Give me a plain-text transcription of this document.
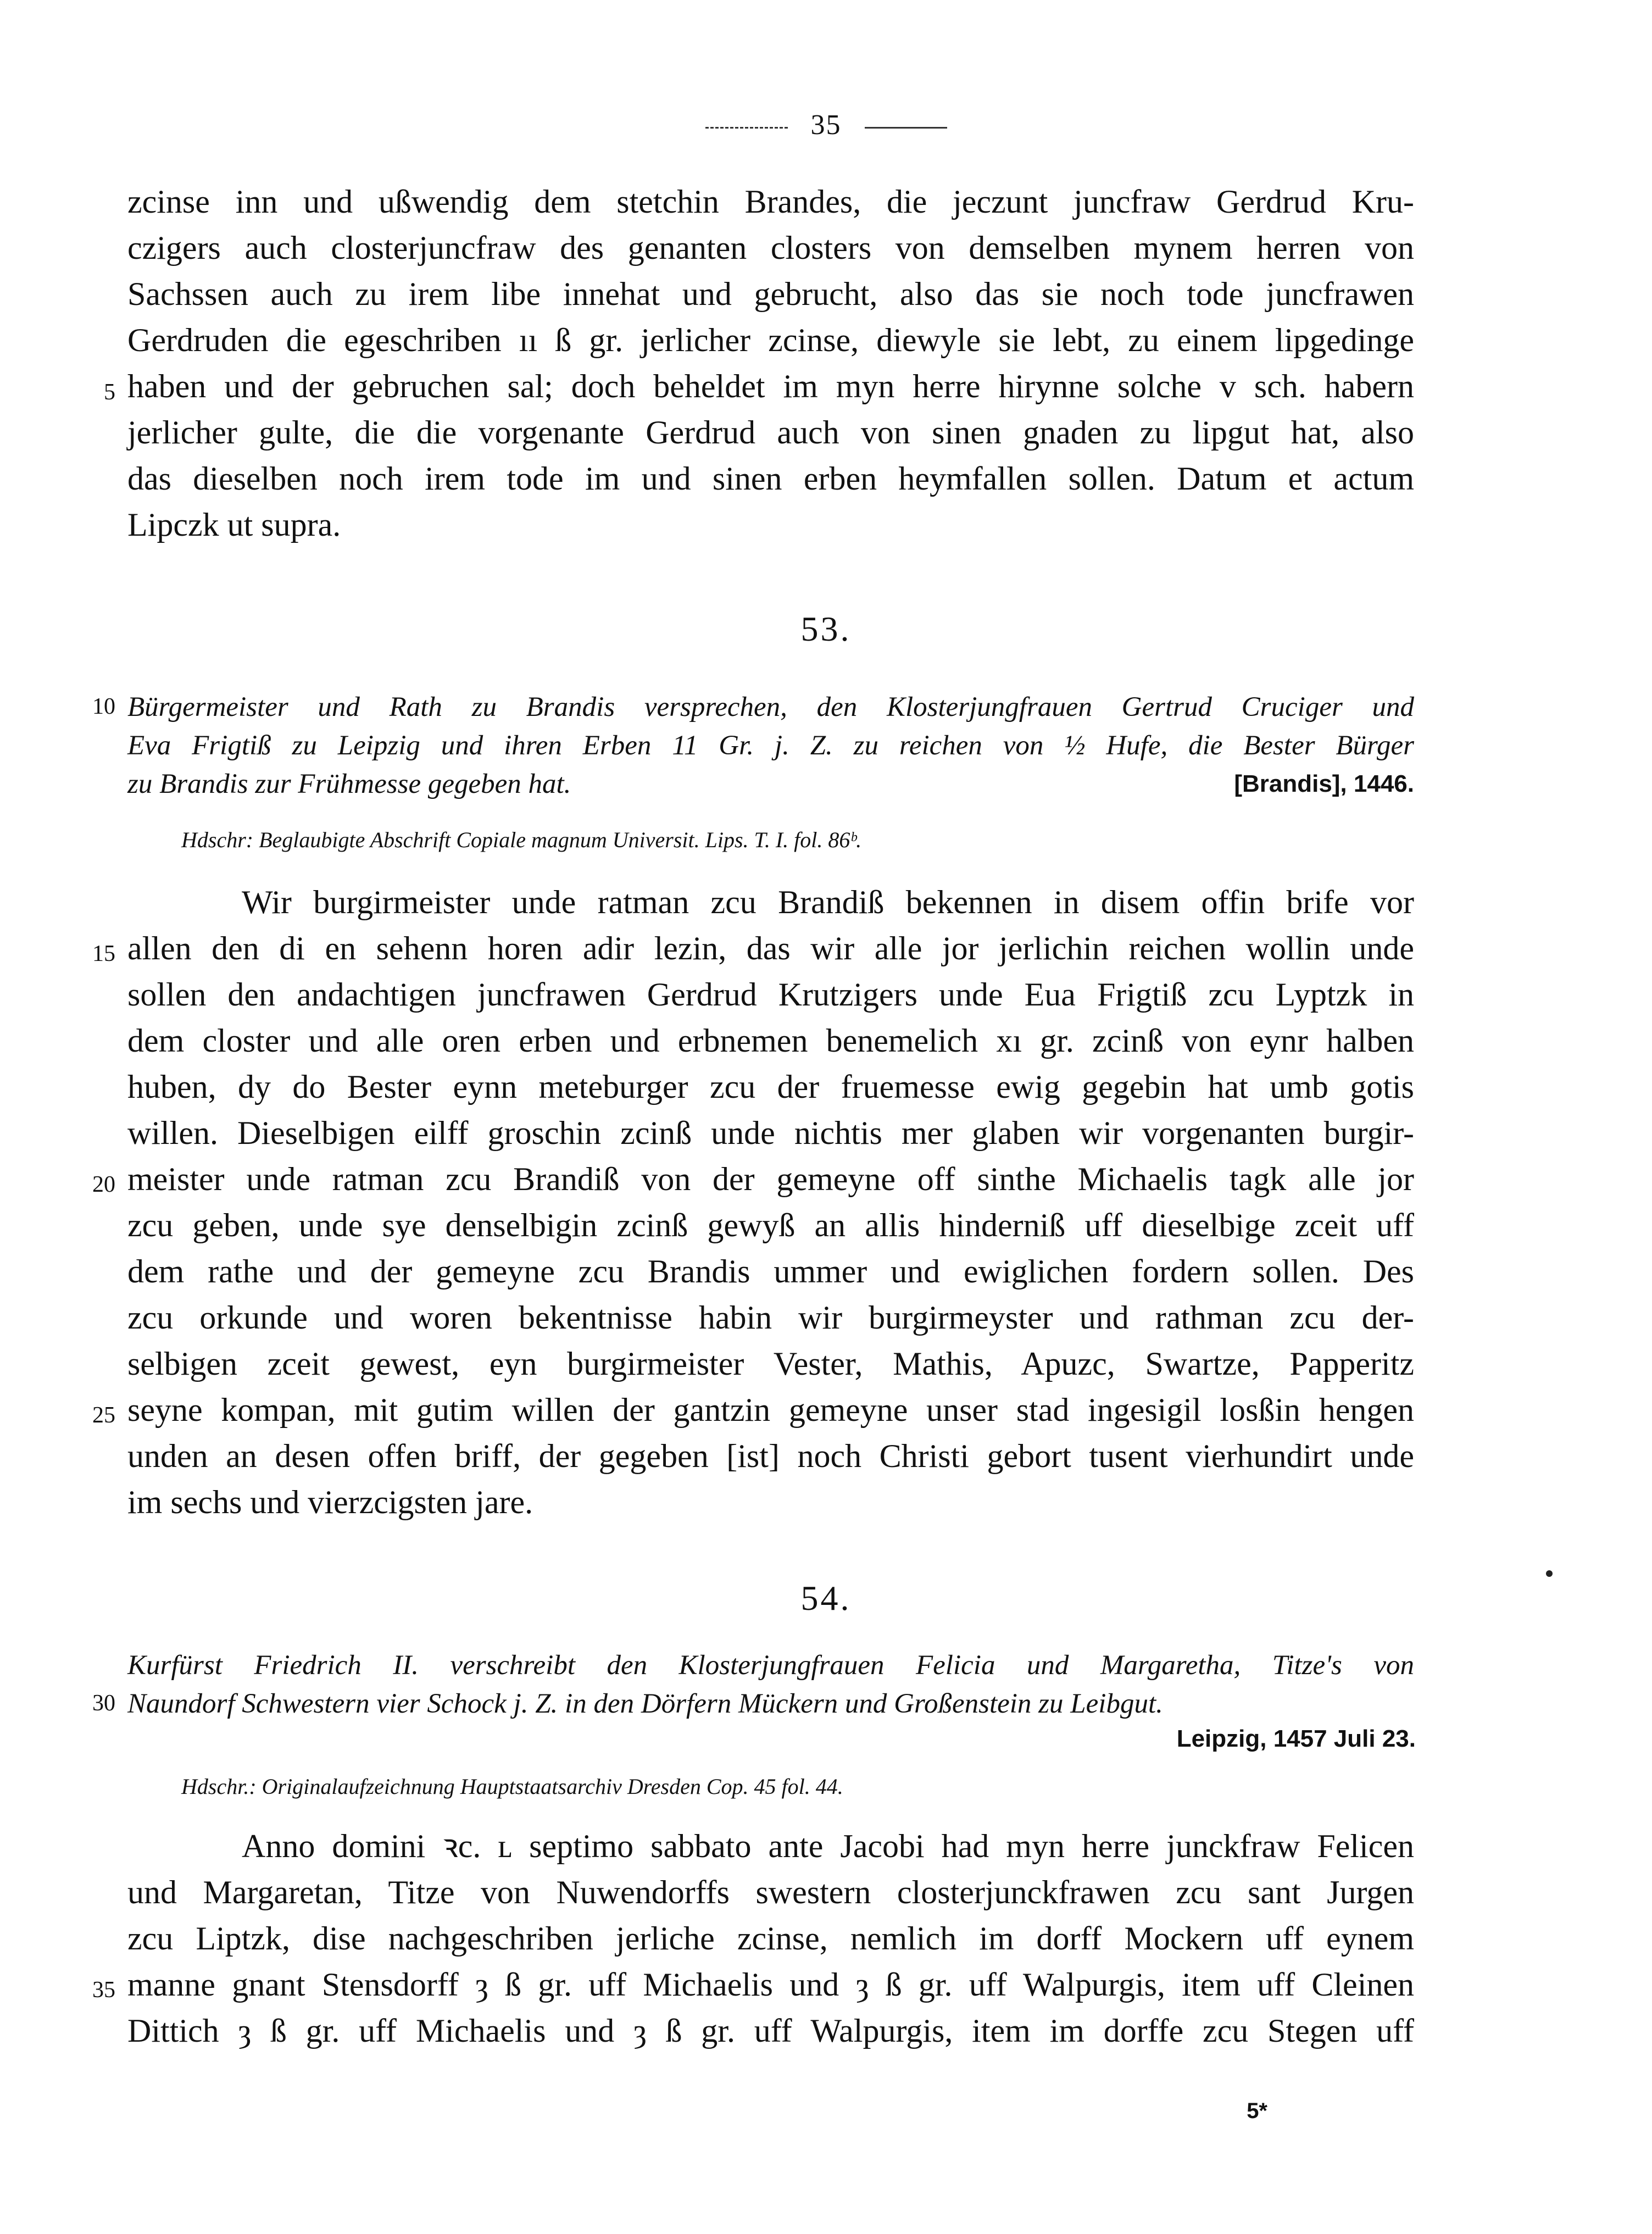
35
zcinse inn und ußwendig dem stetchin Brandes, die jeczunt juncfraw Gerdrud Kru-
czigers auch closterjuncfraw des genanten closters von demselben mynem herren von
Sachssen auch zu irem libe innehat und gebrucht, also das sie noch tode juncfrawen
Gerdruden die egeschriben ıı ß gr. jerlicher zcinse, diewyle sie lebt, zu einem lipgedinge
5 haben und der gebruchen sal; doch beheldet im myn herre hirynne solche v sch. habern
jerlicher gulte, die die vorgenante Gerdrud auch von sinen gnaden zu lipgut hat, also
das dieselben noch irem tode im und sinen erben heymfallen sollen. Datum et actum
Lipczk ut supra.
53.
10 Bürgermeister und Rath zu Brandis versprechen, den Klosterjungfrauen Gertrud Cruciger und
Eva Frigtiß zu Leipzig und ihren Erben 11 Gr. j. Z. zu reichen von ½ Hufe, die Bester Bürger
zu Brandis zur Frühmesse gegeben hat.	[Brandis], 1446.
Hdschr: Beglaubigte Abschrift Copiale magnum Universit. Lips. T. I. fol. 86ᵇ.
Wir burgirmeister unde ratman zcu Brandiß bekennen in disem offin brife vor
15 allen den di en sehenn horen adir lezin, das wir alle jor jerlichin reichen wollin unde
sollen den andachtigen juncfrawen Gerdrud Krutzigers unde Eua Frigtiß zcu Lyptzk in
dem closter und alle oren erben und erbnemen benemelich xı gr. zcinß von eynr halben
huben, dy do Bester eynn meteburger zcu der fruemesse ewig gegebin hat umb gotis
willen. Dieselbigen eilff groschin zcinß unde nichtis mer glaben wir vorgenanten burgir-
20 meister unde ratman zcu Brandiß von der gemeyne off sinthe Michaelis tagk alle jor
zcu geben, unde sye denselbigin zcinß gewyß an allis hinderniß uff dieselbige zceit uff
dem rathe und der gemeyne zcu Brandis ummer und ewiglichen fordern sollen. Des
zcu orkunde und woren bekentnisse habin wir burgirmeyster und rathman zcu der-
selbigen zceit gewest, eyn burgirmeister Vester, Mathis, Apuzc, Swartze, Papperitz
25 seyne kompan, mit gutim willen der gantzin gemeyne unser stad ingesigil losßin hengen
unden an desen offen briff, der gegeben [ist] noch Christi gebort tusent vierhundirt unde
im sechs und vierzcigsten jare.
54.
Kurfürst Friedrich II. verschreibt den Klosterjungfrauen Felicia und Margaretha, Titze's von
30 Naundorf Schwestern vier Schock j. Z. in den Dörfern Mückern und Großenstein zu Leibgut.
Leipzig, 1457 Juli 23.
Hdschr.: Originalaufzeichnung Hauptstaatsarchiv Dresden Cop. 45 fol. 44.
Anno domini ꝛc. ʟ septimo sabbato ante Jacobi had myn herre junckfraw Felicen
und Margaretan, Titze von Nuwendorffs swestern closterjunckfrawen zcu sant Jurgen
zcu Liptzk, dise nachgeschriben jerliche zcinse, nemlich im dorff Mockern uff eynem
35 manne gnant Stensdorff ȝ ß gr. uff Michaelis und ȝ ß gr. uff Walpurgis, item uff Cleinen
Dittich ȝ ß gr. uff Michaelis und ȝ ß gr. uff Walpurgis, item im dorffe zcu Stegen uff
5*
